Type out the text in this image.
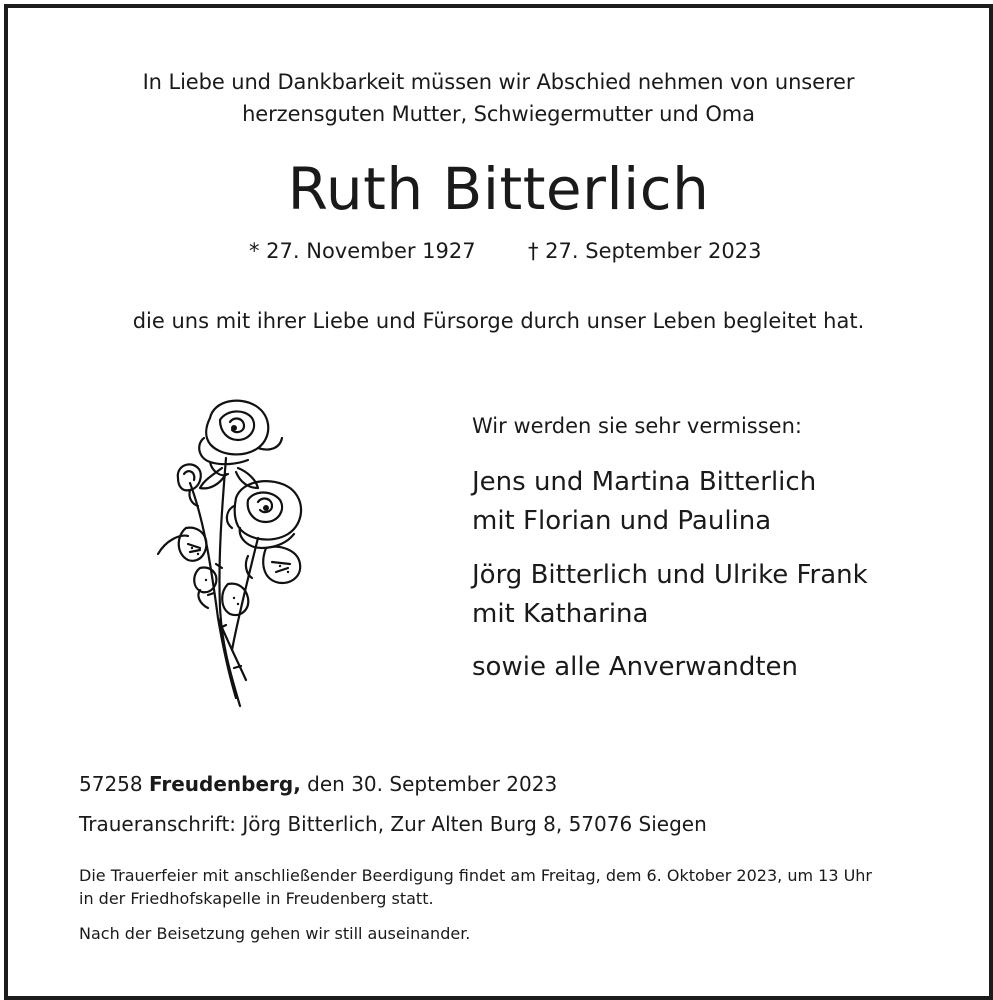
In Liebe und Dankbarkeit müssen wir Abschied nehmen von unserer
herzensguten Mutter, Schwiegermutter und Oma
Ruth Bitterlich
* 27. November 1927 † 27. September 2023
die uns mit ihrer Liebe und Fürsorge durch unser Leben begleitet hat.
Wir werden sie sehr vermissen:
Jens und Martina Bitterlich
mit Florian und Paulina
Jörg Bitterlich und Ulrike Frank
mit Katharina
sowie alle Anverwandten
57258 Freudenberg, den 30. September 2023
Traueranschrift: Jörg Bitterlich, Zur Alten Burg 8, 57076 Siegen
Die Trauerfeier mit anschließender Beerdigung findet am Freitag, dem 6. Oktober 2023, um 13 Uhr
in der Friedhofskapelle in Freudenberg statt.
Nach der Beisetzung gehen wir still auseinander.
